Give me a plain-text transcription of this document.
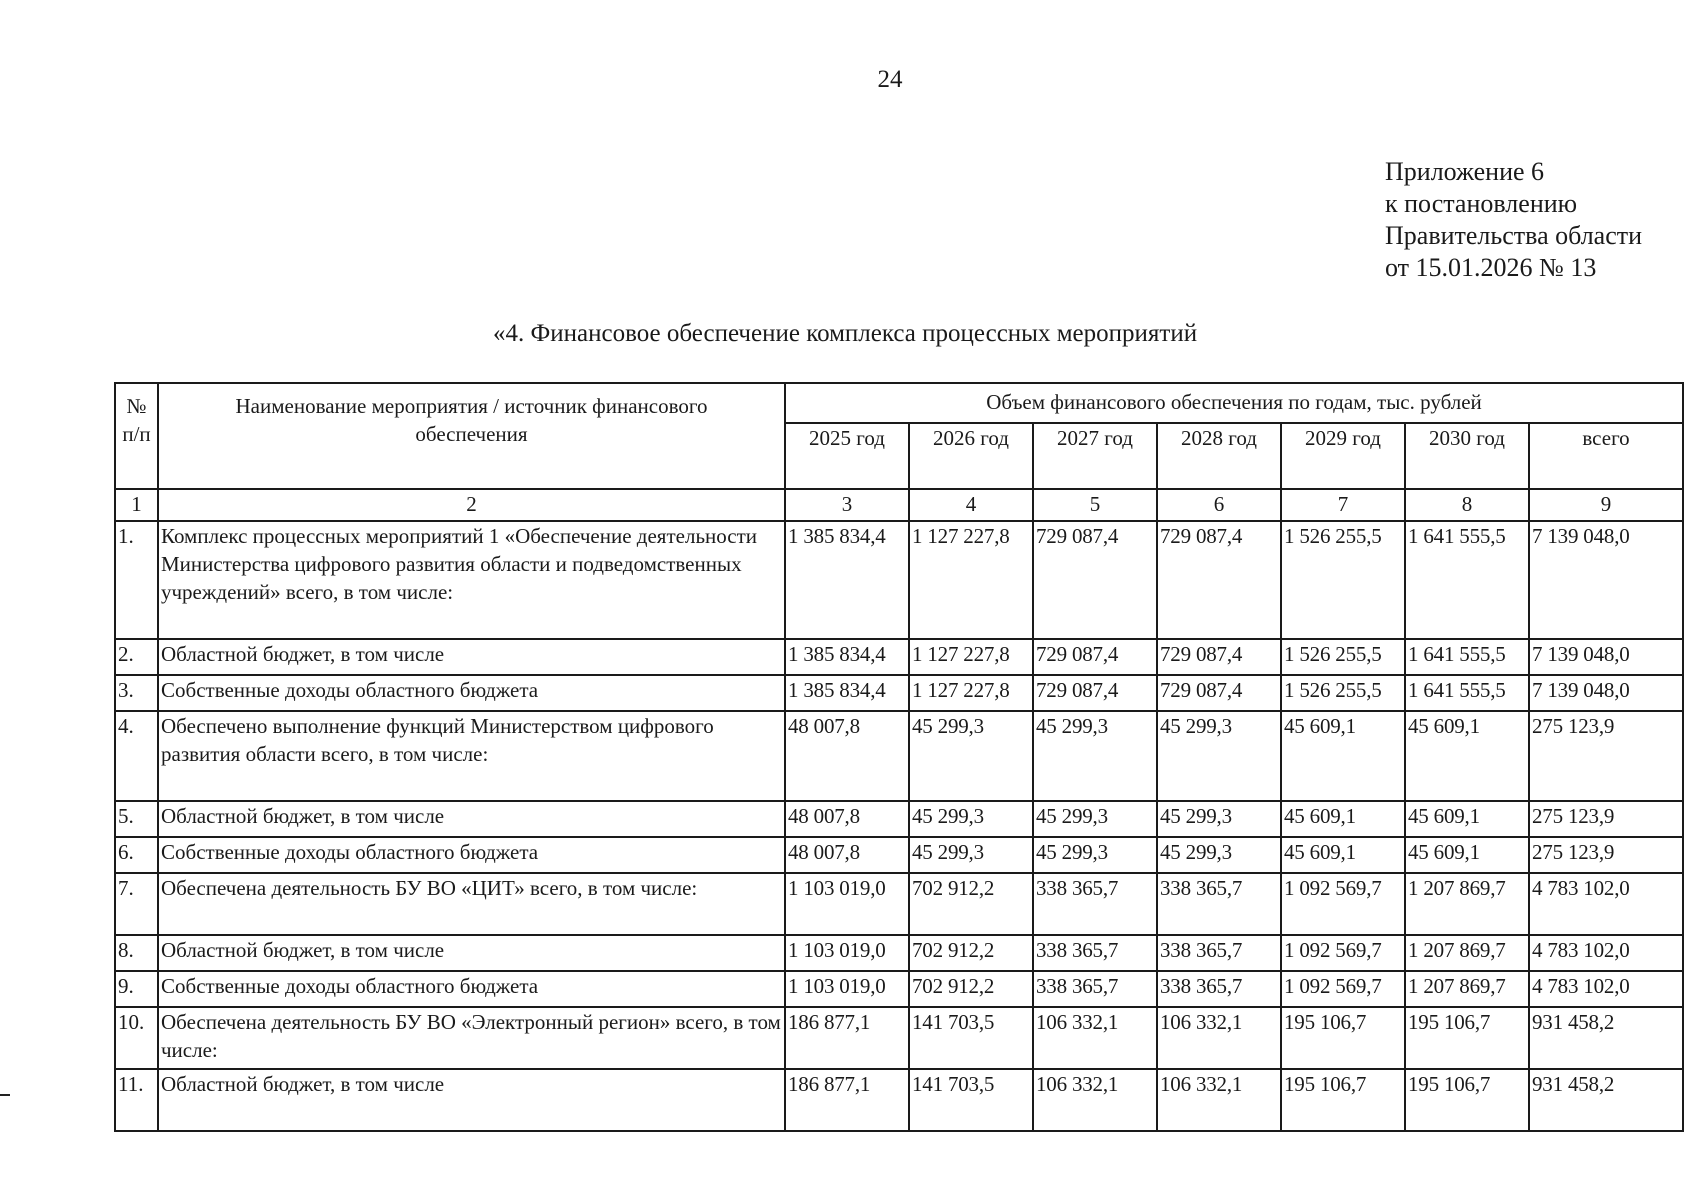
24
Приложение 6
к постановлению
Правительства области
от 15.01.2026 № 13
«4. Финансовое обеспечение комплекса процессных мероприятий
№ п/п	Наименование мероприятия / источник финансового обеспечения	Объем финансового обеспечения по годам, тыс. рублей						
		2025 год	2026 год	2027 год	2028 год	2029 год	2030 год	всего
1	2	3	4	5	6	7	8	9
1.	Комплекс процессных мероприятий 1 «Обеспечение деятельности Министерства цифрового развития области и подведомственных учреждений» всего, в том числе:	1 385 834,4	1 127 227,8	729 087,4	729 087,4	1 526 255,5	1 641 555,5	7 139 048,0
2.	Областной бюджет, в том числе	1 385 834,4	1 127 227,8	729 087,4	729 087,4	1 526 255,5	1 641 555,5	7 139 048,0
3.	Собственные доходы областного бюджета	1 385 834,4	1 127 227,8	729 087,4	729 087,4	1 526 255,5	1 641 555,5	7 139 048,0
4.	Обеспечено выполнение функций Министерством цифрового развития области всего, в том числе:	48 007,8	45 299,3	45 299,3	45 299,3	45 609,1	45 609,1	275 123,9
5.	Областной бюджет, в том числе	48 007,8	45 299,3	45 299,3	45 299,3	45 609,1	45 609,1	275 123,9
6.	Собственные доходы областного бюджета	48 007,8	45 299,3	45 299,3	45 299,3	45 609,1	45 609,1	275 123,9
7.	Обеспечена деятельность БУ ВО «ЦИТ» всего, в том числе:	1 103 019,0	702 912,2	338 365,7	338 365,7	1 092 569,7	1 207 869,7	4 783 102,0
8.	Областной бюджет, в том числе	1 103 019,0	702 912,2	338 365,7	338 365,7	1 092 569,7	1 207 869,7	4 783 102,0
9.	Собственные доходы областного бюджета	1 103 019,0	702 912,2	338 365,7	338 365,7	1 092 569,7	1 207 869,7	4 783 102,0
10.	Обеспечена деятельность БУ ВО «Электронный регион» всего, в том числе:	186 877,1	141 703,5	106 332,1	106 332,1	195 106,7	195 106,7	931 458,2
11.	Областной бюджет, в том числе	186 877,1	141 703,5	106 332,1	106 332,1	195 106,7	195 106,7	931 458,2
